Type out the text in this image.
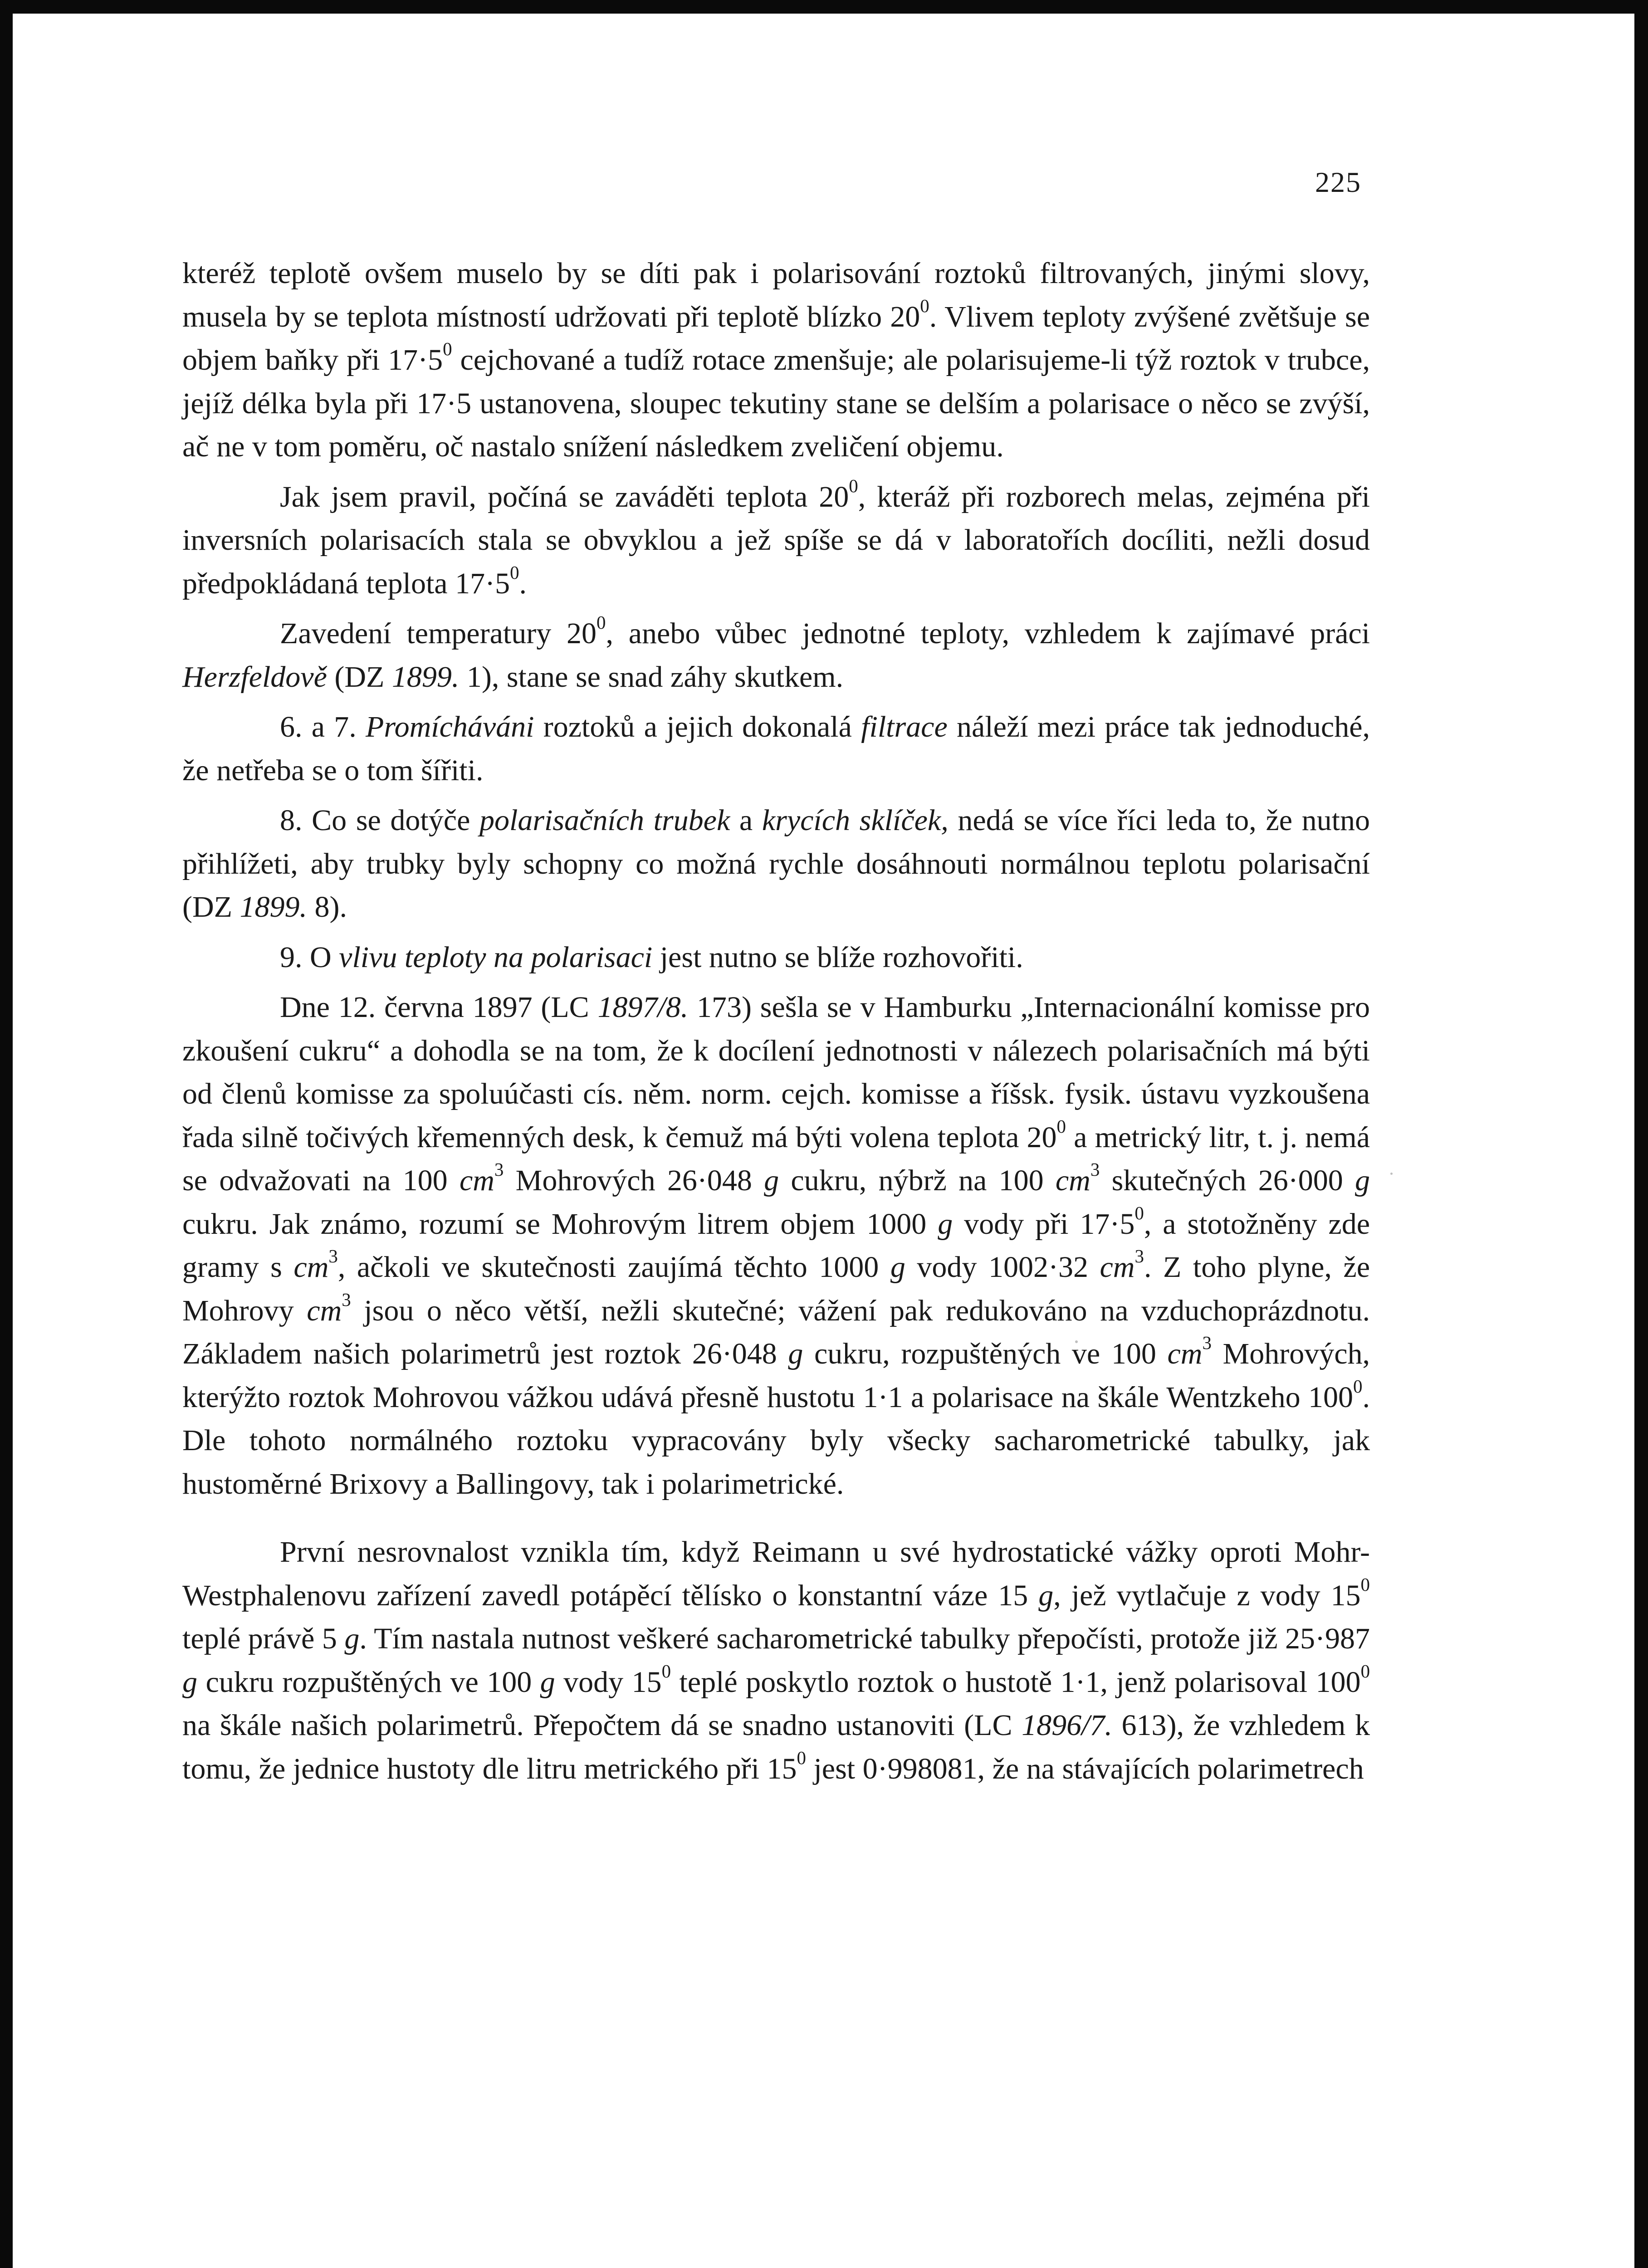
225

kteréž teplotě ovšem muselo by se díti pak i polarisování roztoků filtrovaných, jinými slovy, musela by se teplota místností udržovati při teplotě blízko $20^0$. Vlivem teploty zvýšené zvětšuje se objem baňky při $17\cdot 5^0$ cejchované a tudíž rotace zmenšuje; ale polarisujeme-li týž roztok v trubce, jejíž délka byla při 17·5 ustanovena, sloupec tekutiny stane se delším a polarisace o něco se zvýší, ač ne v tom poměru, oč nastalo snížení následkem zveličení objemu.

Jak jsem pravil, počíná se zaváděti teplota $20^0$, kteráž při rozborech melas, zejména při inversních polarisacích stala se obvyklou a jež spíše se dá v laboratořích docíliti, nežli dosud předpokládaná teplota $17\cdot 5^0$.

Zavedení temperatury $20^0$, anebo vůbec jednotné teploty, vzhledem k zajímavé práci Herzfeldově (DZ 1899. 1), stane se snad záhy skutkem.

6. a 7. Promícháváni roztoků a jejich dokonalá filtrace náleží mezi práce tak jednoduché, že netřeba se o tom šířiti.

8. Co se dotýče polarisačních trubek a krycích sklíček, nedá se více říci leda to, že nutno přihlížeti, aby trubky byly schopny co možná rychle dosáhnouti normálnou teplotu polarisační (DZ 1899. 8).

9. O vlivu teploty na polarisaci jest nutno se blíže rozhovořiti.

Dne 12. června 1897 (LC 1897/8. 173) sešla se v Hamburku „Internacionální komisse pro zkoušení cukru“ a dohodla se na tom, že k docílení jednotnosti v nálezech polarisačních má býti od členů komisse za spoluúčasti cís. něm. norm. cejch. komisse a říšsk. fysik. ústavu vyzkoušena řada silně točivých křemenných desk, k čemuž má býti volena teplota $20^0$ a metrický litr, t. j. nemá se odvažovati na 100 $cm^3$ Mohrových 26·048 g cukru, nýbrž na 100 $cm^3$ skutečných 26·000 g cukru. Jak známo, rozumí se Mohrovým litrem objem 1000 g vody při $17\cdot 5^0$, a stotožněny zde gramy s $cm^3$, ačkoli ve skutečnosti zaujímá těchto 1000 g vody 1002·32 $cm^3$. Z toho plyne, že Mohrovy $cm^3$ jsou o něco větší, nežli skutečné; vážení pak redukováno na vzduchoprázdnotu. Základem našich polarimetrů jest roztok 26·048 g cukru, rozpuštěných ve 100 $cm^3$ Mohrových, kterýžto roztok Mohrovou vážkou udává přesně hustotu 1·1 a polarisace na škále Wentzkeho $100^0$. Dle tohoto normálného roztoku vypracovány byly všecky sacharometrické tabulky, jak hustoměrné Brixovy a Ballingovy, tak i polarimetrické.

První nesrovnalost vznikla tím, když Reimann u své hydrostatické vážky oproti Mohr-Westphalenovu zařízení zavedl potápěcí tělísko o konstantní váze 15 g, jež vytlačuje z vody $15^0$ teplé právě 5 g. Tím nastala nutnost veškeré sacharometrické tabulky přepočísti, protože již 25·987 g cukru rozpuštěných ve 100 g vody $15^0$ teplé poskytlo roztok o hustotě 1·1, jenž polarisoval $100^0$ na škále našich polarimetrů. Přepočtem dá se snadno ustanoviti (LC 1896/7. 613), že vzhledem k tomu, že jednice hustoty dle litru metrického při $15^0$ jest 0·998081, že na stávajících polarimetrech
